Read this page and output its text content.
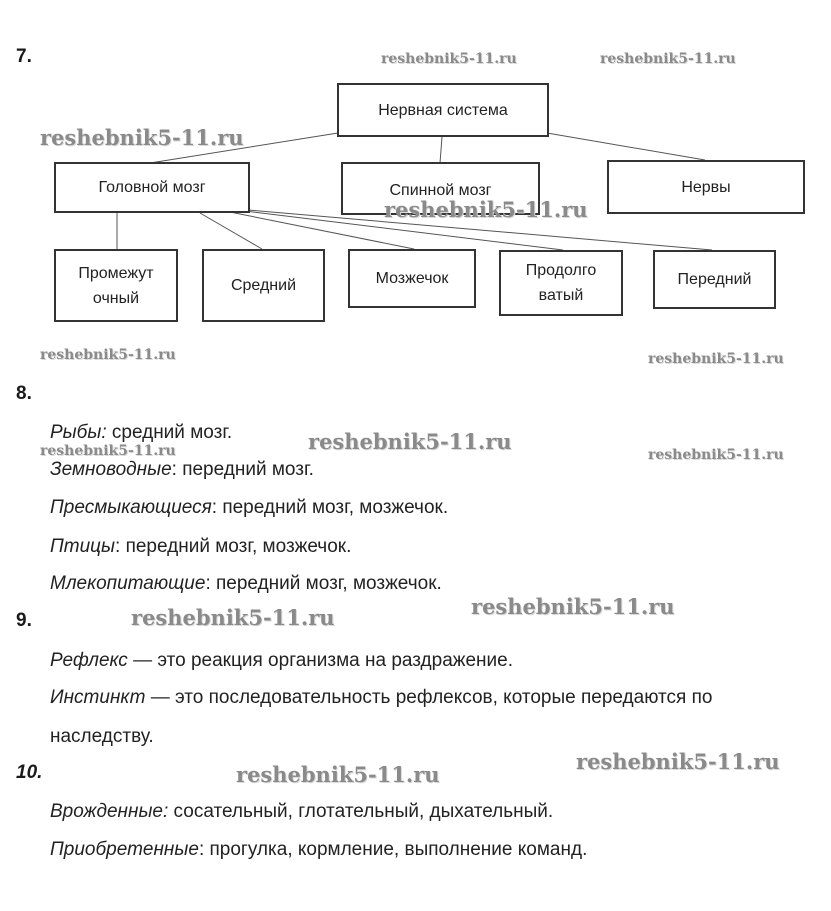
7.
8.
9.
10.
Нервная система
Головной мозг	Спинной мозг	Нервы
Промежут
очный
Средний	Мозжечок	Продолго
ватый
Передний
Рыбы: средний мозг.
Земноводные: передний мозг.
Пресмыкающиеся: передний мозг, мозжечок.
Птицы: передний мозг, мозжечок.
Млекопитающие: передний мозг, мозжечок.
Рефлекс — это реакция организма на раздражение.
Инстинкт — это последовательность рефлексов, которые передаются по
наследству.
Врожденные: сосательный, глотательный, дыхательный.
Приобретенные: прогулка, кормление, выполнение команд.
reshebnik5-11.ru	reshebnik5-11.ru
reshebnik5-11.ru
reshebnik5-11.ru
reshebnik5-11.ru	reshebnik5-11.ru
reshebnik5-11.ru
reshebnik5-11.ru	reshebnik5-11.ru
reshebnik5-11.ru
reshebnik5-11.ru
reshebnik5-11.ru
reshebnik5-11.ru
